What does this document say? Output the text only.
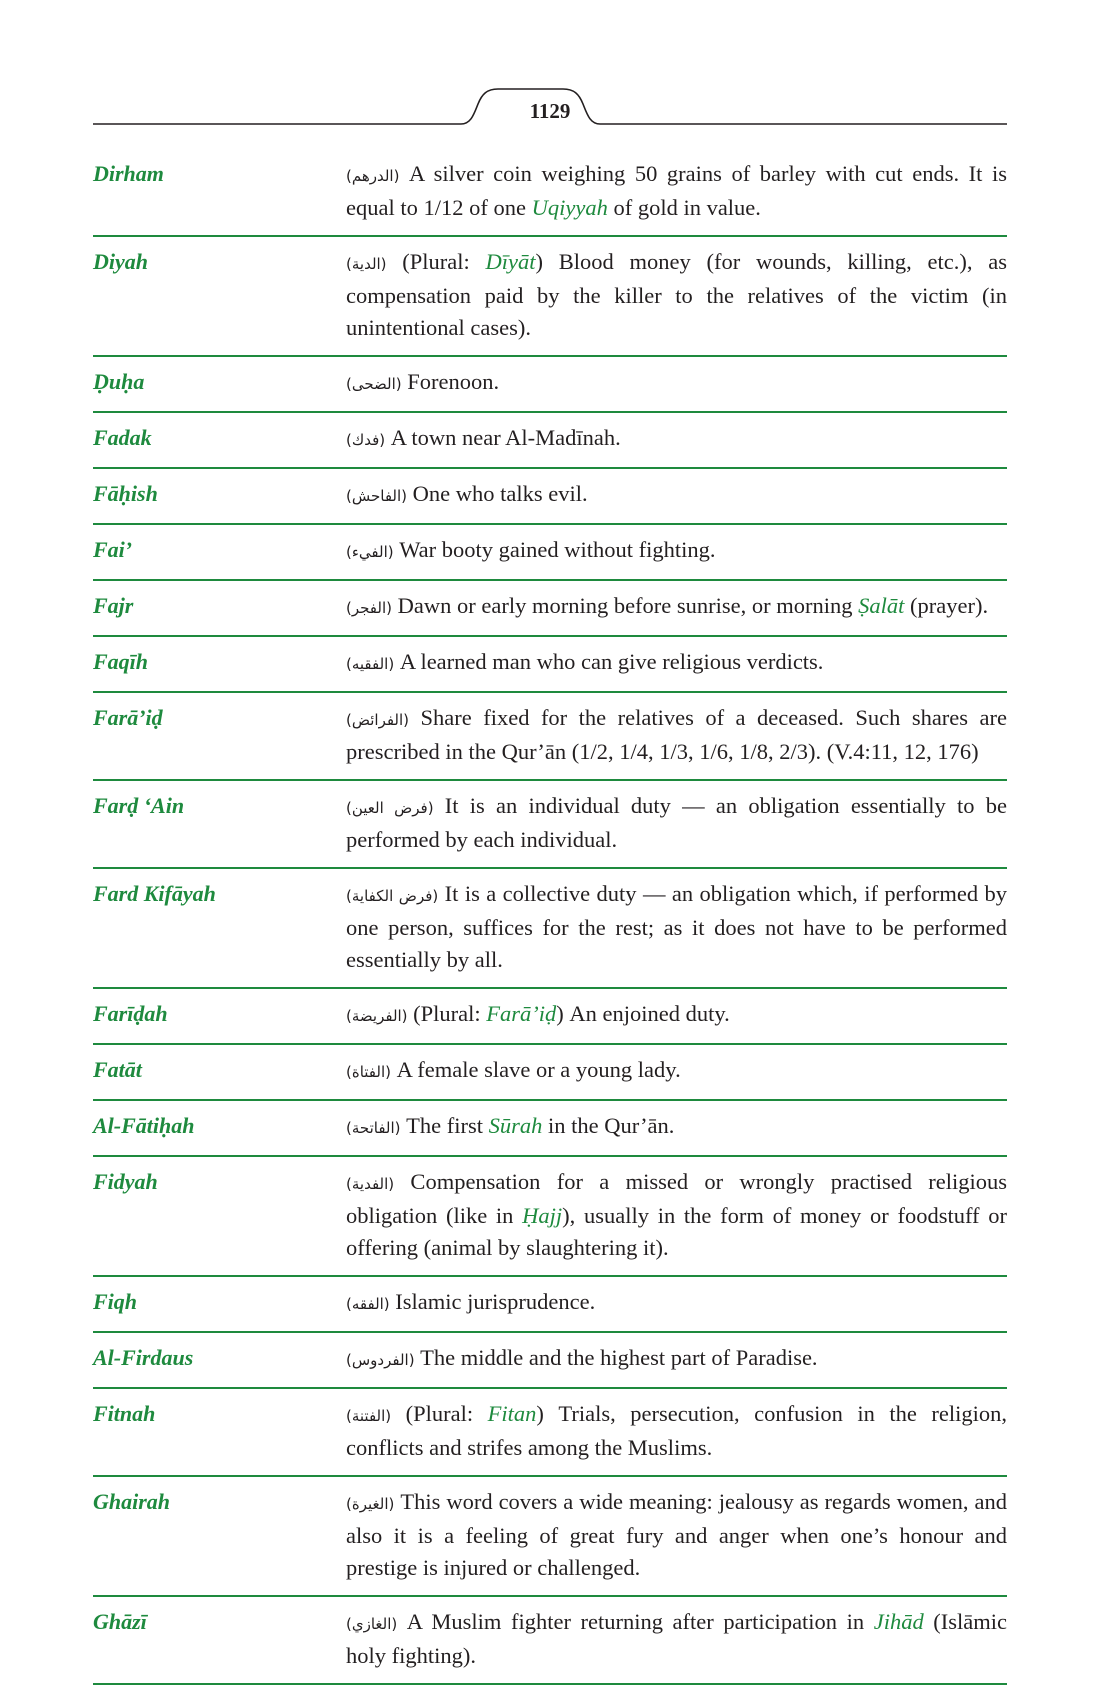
1129
Dirham	(الدرهم) A silver coin weighing 50 grains of barley with cut ends. It is equal to 1/12 of one Uqiyyah of gold in value.
Diyah	(الدية) (Plural: Dīyāt) Blood money (for wounds, killing, etc.), as compensation paid by the killer to the relatives of the victim (in unintentional cases).
Ḍuḥa	(الضحى) Forenoon.
Fadak	(فدك) A town near Al-Madīnah.
Fāḥish	(الفاحش) One who talks evil.
Fai’	(الفيء) War booty gained without fighting.
Fajr	(الفجر) Dawn or early morning before sunrise, or morning Ṣalāt (prayer).
Faqīh	(الفقيه) A learned man who can give religious verdicts.
Farā’iḍ	(الفرائض) Share fixed for the relatives of a deceased. Such shares are prescribed in the Qur’ān (1/2, 1/4, 1/3, 1/6, 1/8, 2/3). (V.4:11, 12, 176)
Farḍ ‘Ain	(فرض العين) It is an individual duty — an obligation essentially to be performed by each individual.
Fard Kifāyah	(فرض الكفاية) It is a collective duty — an obligation which, if performed by one person, suffices for the rest; as it does not have to be performed essentially by all.
Farīḍah	(الفريضة) (Plural: Farā’iḍ) An enjoined duty.
Fatāt	(الفتاة) A female slave or a young lady.
Al-Fātiḥah	(الفاتحة) The first Sūrah in the Qur’ān.
Fidyah	(الفدية) Compensation for a missed or wrongly practised religious obligation (like in Ḥajj), usually in the form of money or foodstuff or offering (animal by slaughtering it).
Fiqh	(الفقه) Islamic jurisprudence.
Al-Firdaus	(الفردوس) The middle and the highest part of Paradise.
Fitnah	(الفتنة) (Plural: Fitan) Trials, persecution, confusion in the religion, conflicts and strifes among the Muslims.
Ghairah	(الغيرة) This word covers a wide meaning: jealousy as regards women, and also it is a feeling of great fury and anger when one’s honour and prestige is injured or challenged.
Ghāzī	(الغازي) A Muslim fighter returning after participation in Jihād (Islāmic holy fighting).
